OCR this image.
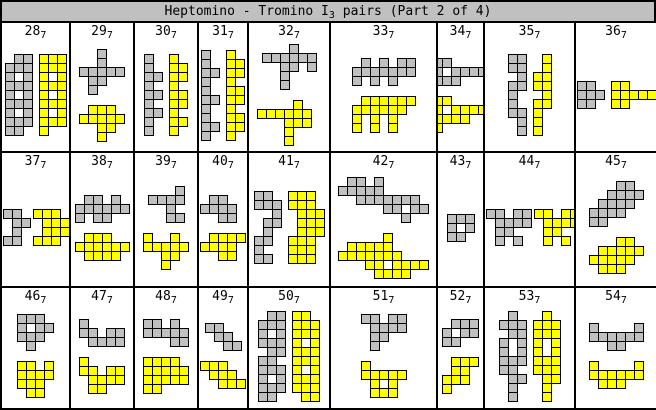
Heptomino - Tromino $I_3$ pairs (Part 2 of 4)
$28_7$	$29_7$	$30_7$	$31_7$	$32_7$	$33_7$	$34_7$	$35_7$	$36_7$
$37_7$	$38_7$	$39_7$	$40_7$	$41_7$	$42_7$	$43_7$	$44_7$	$45_7$
$46_7$	$47_7$	$48_7$	$49_7$	$50_7$	$51_7$	$52_7$	$53_7$	$54_7$
